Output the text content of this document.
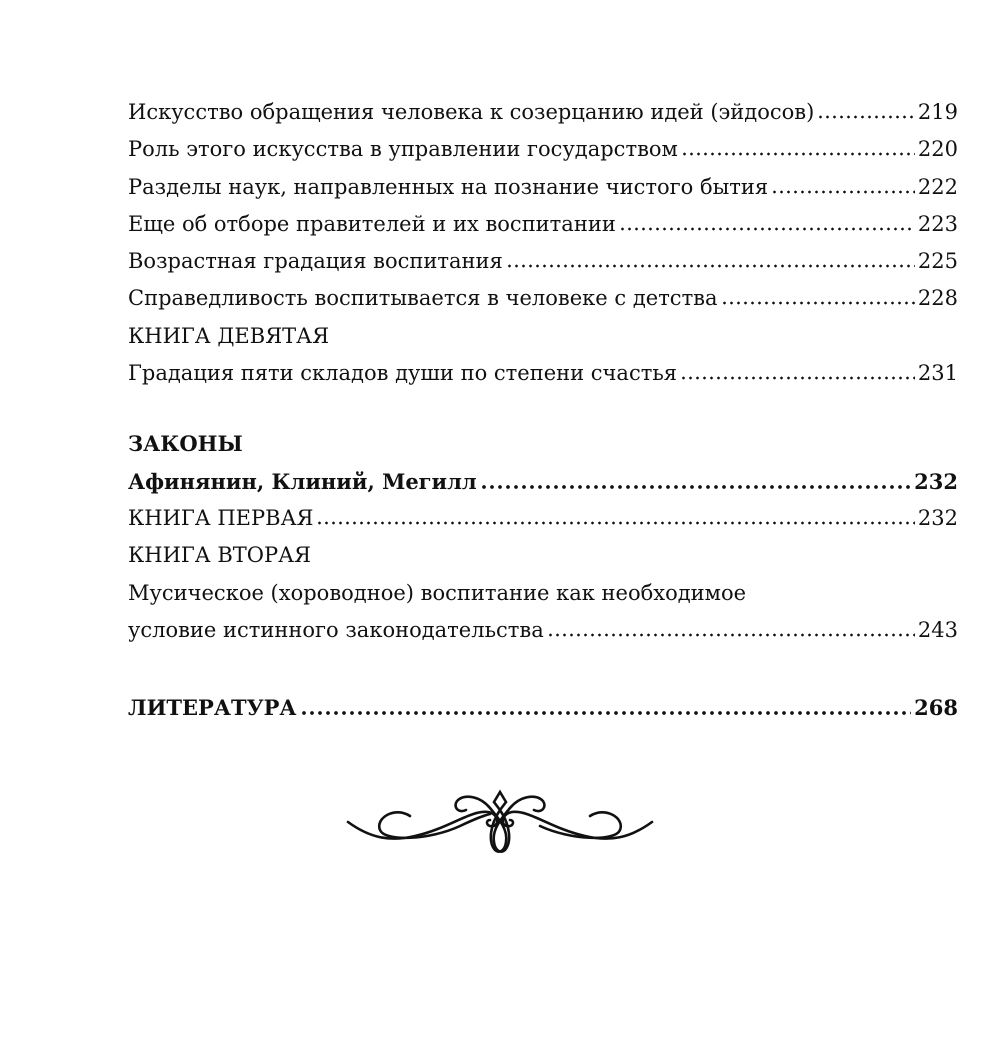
Искусство обращения человека к созерцанию идей (эйдосов)	219
Роль этого искусства в управлении государством	220
Разделы наук, направленных на познание чистого бытия	222
Еще об отборе правителей и их воспитании	223
Возрастная градация воспитания	225
Справедливость воспитывается в человеке с детства	228
КНИГА ДЕВЯТАЯ
Градация пяти складов души по степени счастья	231
ЗАКОНЫ
Афинянин, Клиний, Мегилл	232
КНИГА ПЕРВАЯ	232
КНИГА ВТОРАЯ
Мусическое (хороводное) воспитание как необходимое
условие истинного законодательства	243
ЛИТЕРАТУРА	268
